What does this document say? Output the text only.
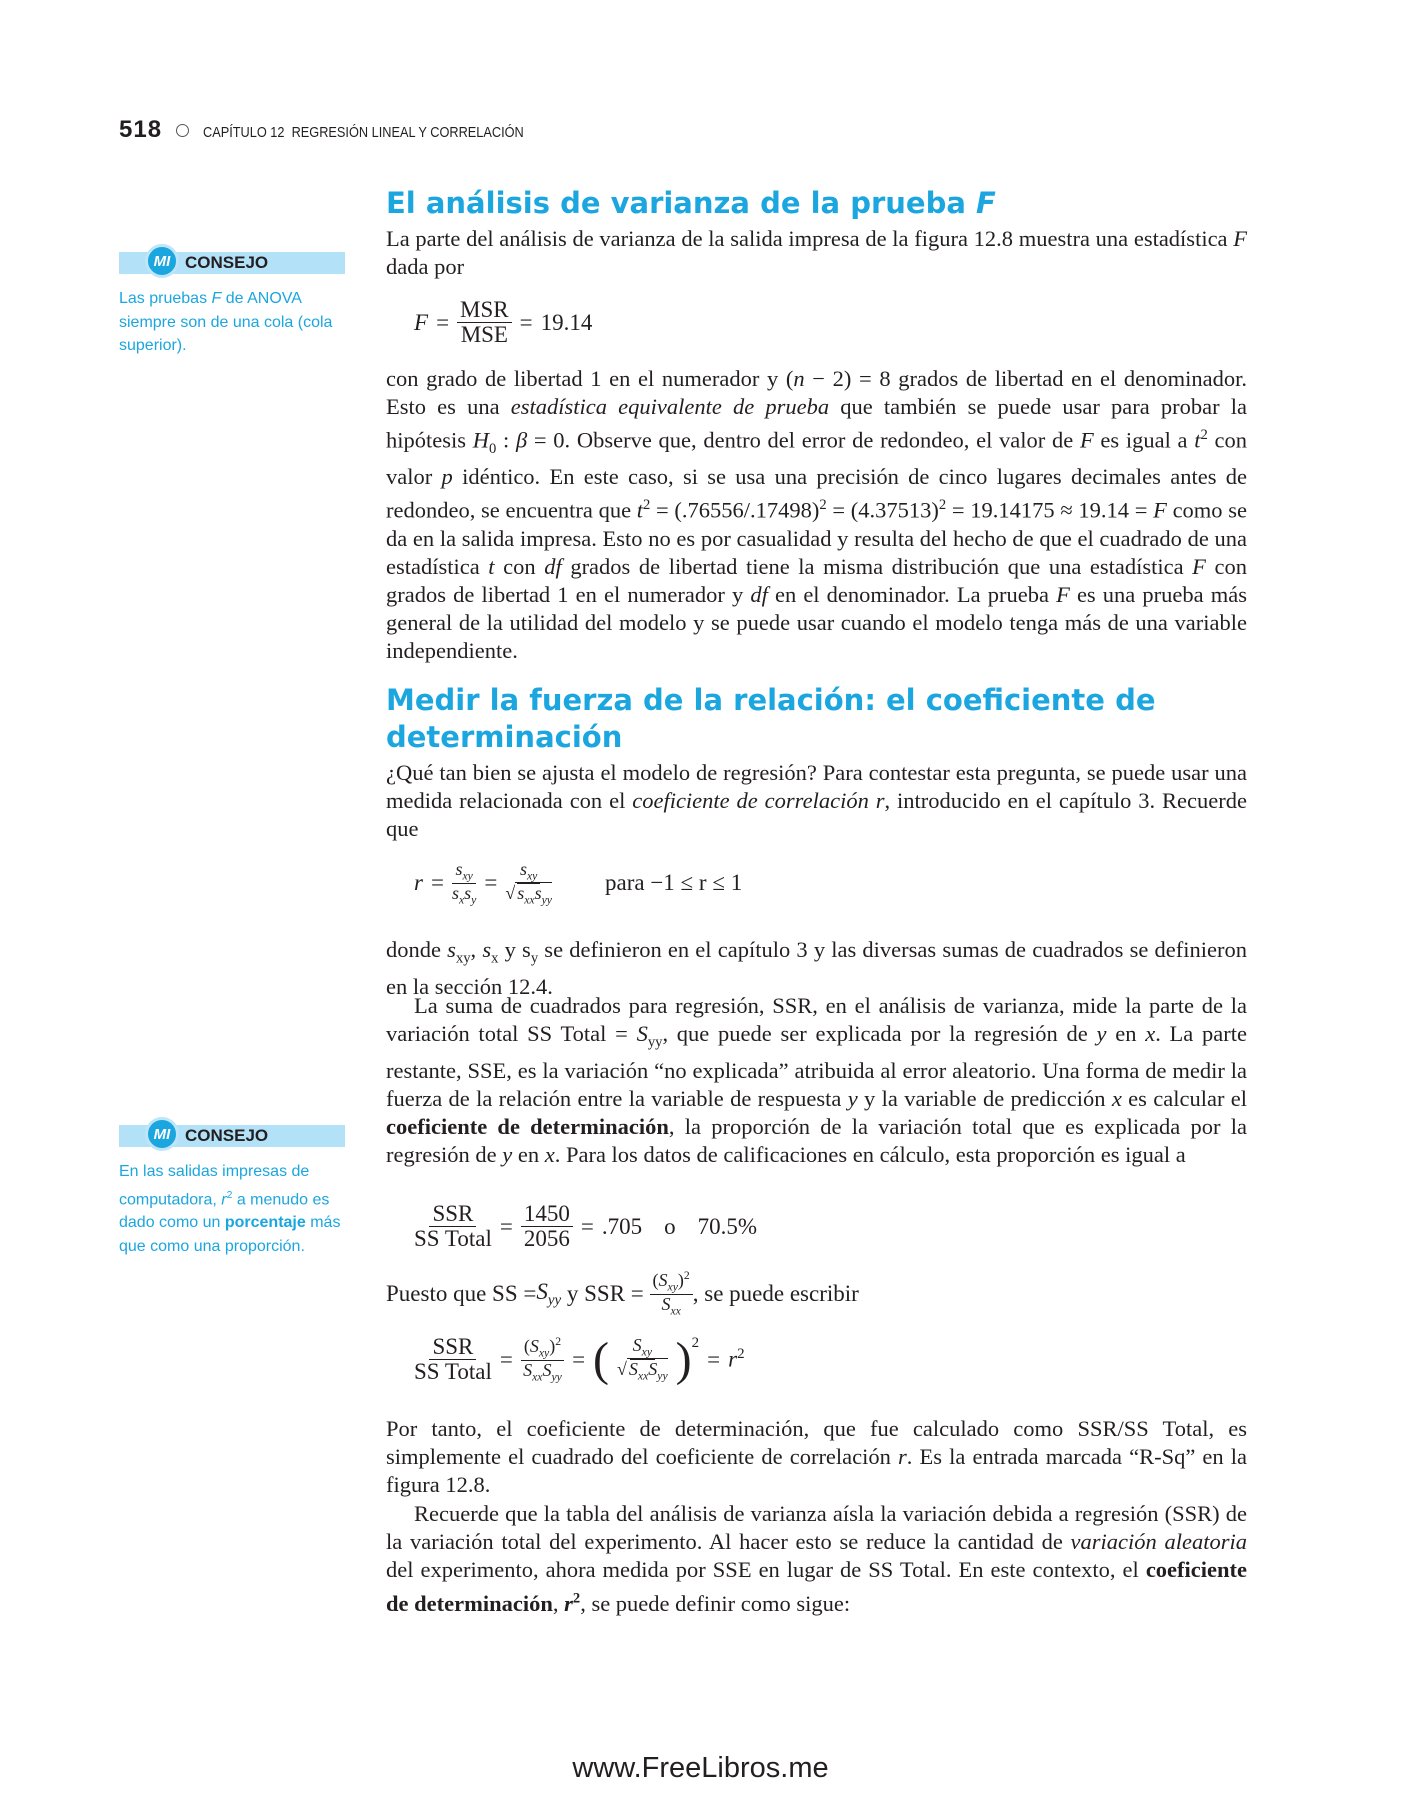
518	CAPÍTULO 12 REGRESIÓN LINEAL Y CORRELACIÓN
MI CONSEJO
Las pruebas F de ANOVA siempre son de una cola (cola superior).
MI CONSEJO
En las salidas impresas de computadora, $r^2$ a menudo es dado como un porcentaje más que como una proporción.
El análisis de varianza de la prueba F
La parte del análisis de varianza de la salida impresa de la figura 12.8 muestra una estadística F dada por
$F = \frac{\text{MSR}}{\text{MSE}} = 19.14$
con grado de libertad 1 en el numerador y (n − 2) = 8 grados de libertad en el denominador. Esto es una estadística equivalente de prueba que también se puede usar para probar la hipótesis $H_0$ : β = 0. Observe que, dentro del error de redondeo, el valor de F es igual a $t^2$ con valor p idéntico. En este caso, si se usa una precisión de cinco lugares decimales antes de redondeo, se encuentra que $t^2 = (.76556/.17498)^2 = (4.37513)^2 = 19.14175 \approx 19.14 = F$ como se da en la salida impresa. Esto no es por casualidad y resulta del hecho de que el cuadrado de una estadística t con df grados de libertad tiene la misma distribución que una estadística F con grados de libertad 1 en el numerador y df en el denominador. La prueba F es una prueba más general de la utilidad del modelo y se puede usar cuando el modelo tenga más de una variable independiente.
Medir la fuerza de la relación: el coeficiente de determinación
¿Qué tan bien se ajusta el modelo de regresión? Para contestar esta pregunta, se puede usar una medida relacionada con el coeficiente de correlación r, introducido en el capítulo 3. Recuerde que
$r = \frac{s_{xy}}{s_xs_y} = \frac{s_{xy}}{√ s_{xx}s_{yy}}$ para −1 ≤ r ≤ 1
donde $s_{xy}$, $s_x$ y $s_y$ se definieron en el capítulo 3 y las diversas sumas de cuadrados se definieron en la sección 12.4.
La suma de cuadrados para regresión, SSR, en el análisis de varianza, mide la parte de la variación total SS Total = $S_{yy}$, que puede ser explicada por la regresión de y en x. La parte restante, SSE, es la variación “no explicada” atribuida al error aleatorio. Una forma de medir la fuerza de la relación entre la variable de respuesta y y la variable de predicción x es calcular el coeficiente de determinación, la proporción de la variación total que es explicada por la regresión de y en x. Para los datos de calificaciones en cálculo, esta proporción es igual a
$\frac{\text{SSR}}{\text{SS Total}} = \frac{1450}{2056} = .705$ o 70.5%
Puesto que SS = $S_{yy}$ y SSR = $\frac{(S_{xy})^2}{S_{xx}}$ , se puede escribir
$\frac{\text{SSR}}{\text{SS Total}} = \frac{(S_{xy})^2}{S_{xx}S_{yy}}$ = ( $\frac{S_{xy}}{√ S_{xx}S_{yy}} )^2$
= $r^2$
Por tanto, el coeficiente de determinación, que fue calculado como SSR/SS Total, es simplemente el cuadrado del coeficiente de correlación r. Es la entrada marcada “R-Sq” en la figura 12.8.
Recuerde que la tabla del análisis de varianza aísla la variación debida a regresión (SSR) de la variación total del experimento. Al hacer esto se reduce la cantidad de variación aleatoria del experimento, ahora medida por SSE en lugar de SS Total. En este contexto, el coeficiente de determinación, $r^2$, se puede definir como sigue:
www.FreeLibros.me
